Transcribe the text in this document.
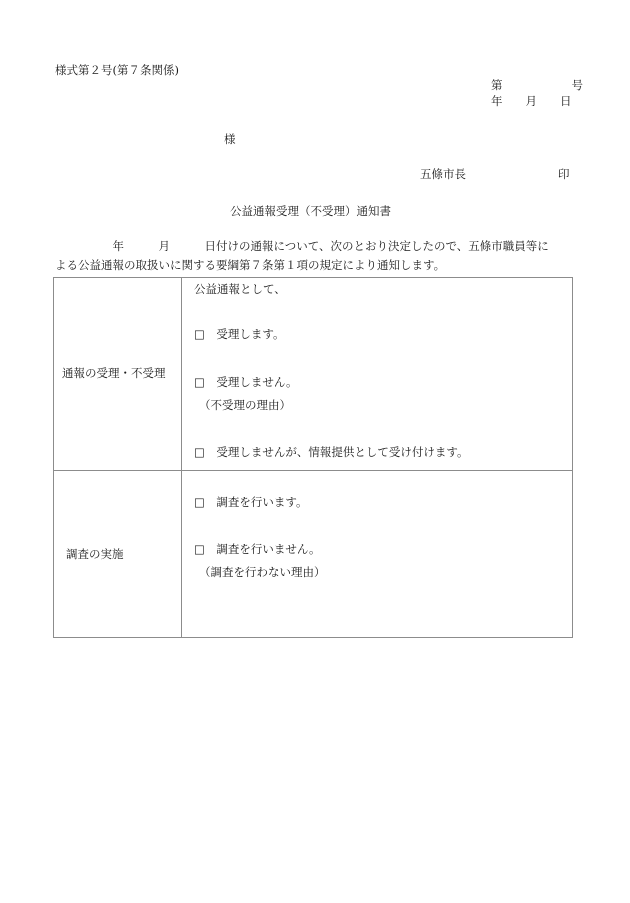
様式第２号(第７条関係)
第　　　　　　号
年　　月　　日
様
五條市長　　　　　　　　印
公益通報受理（不受理）通知書
　　　　　年　　　月　　　日付けの通報について、次のとおり決定したので、五條市職員等に
よる公益通報の取扱いに関する要綱第７条第１項の規定により通知します。
通報の受理・不受理	公益通報として、
□　受理します。
□　受理しません。
（不受理の理由）
□　受理しませんが、情報提供として受け付けます。

調査の実施	□　調査を行います。
□　調査を行いません。
（調査を行わない理由）
